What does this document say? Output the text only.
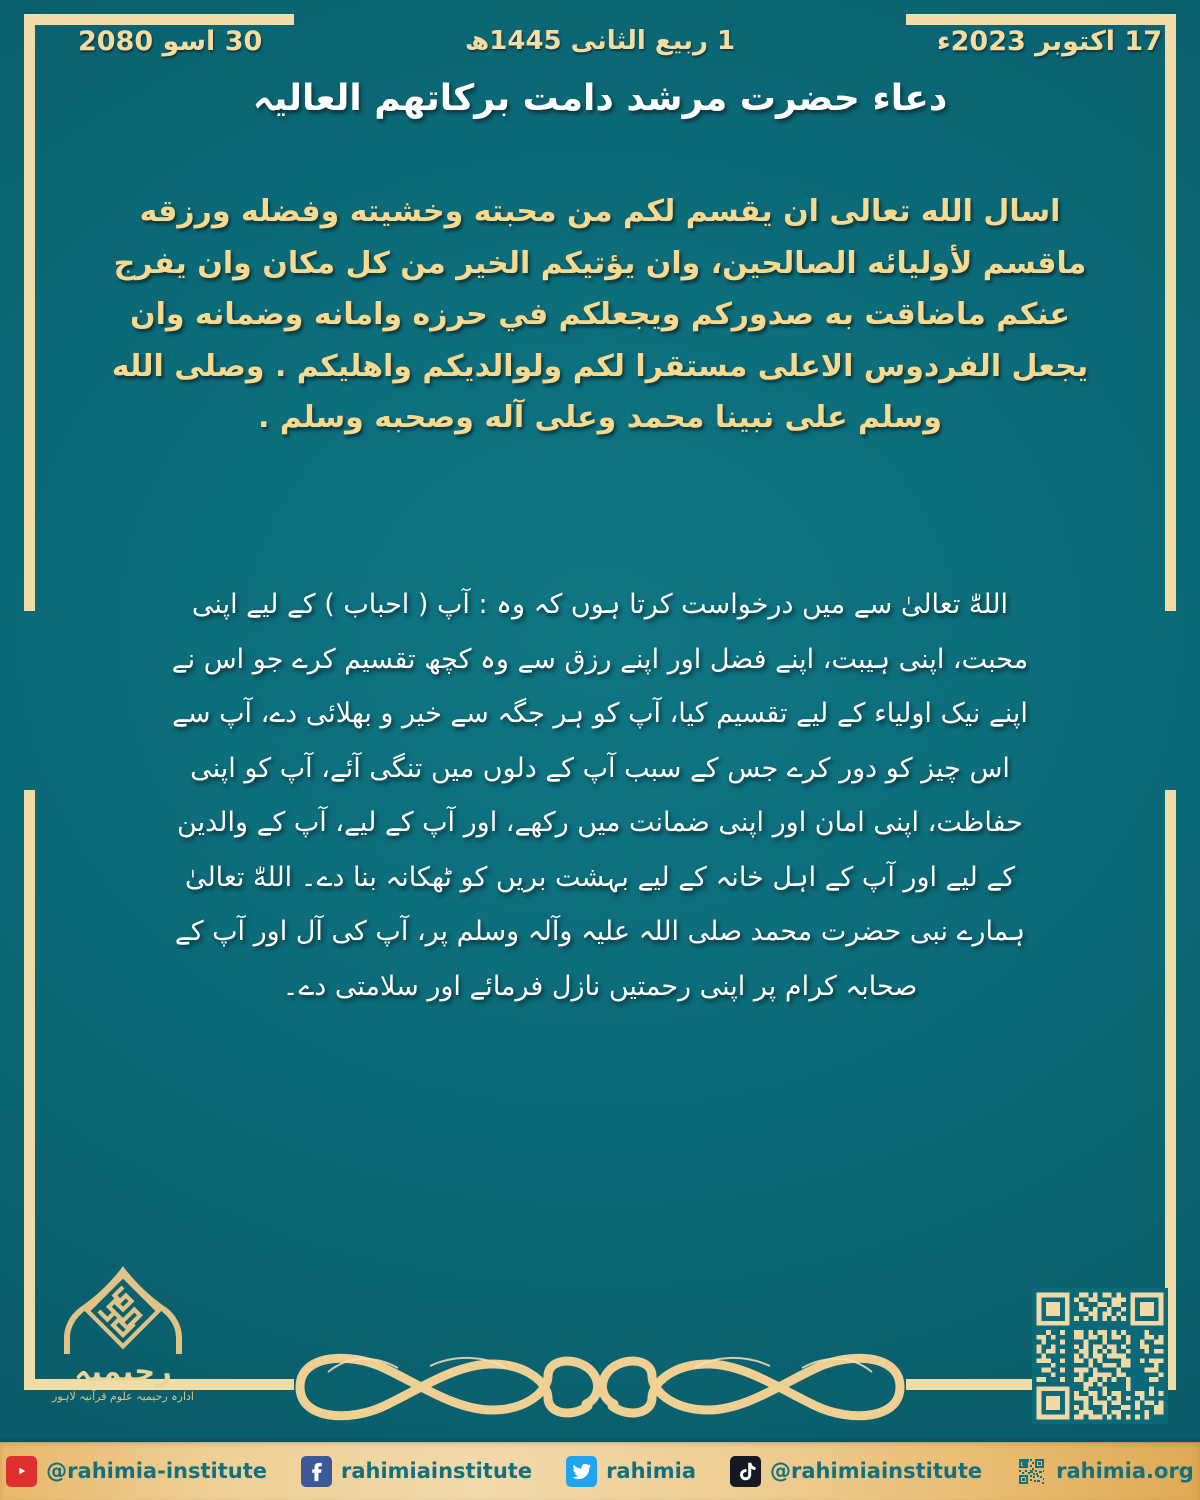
30 اسو 2080	1 ربیع الثانی 1445ھ	17 اکتوبر 2023ء
دعاء حضرت مرشد دامت برکاتھم العالیہ
اسال الله تعالى ان يقسم لكم من محبته وخشيته وفضله ورزقه ماقسم لأوليائه الصالحين، وان يؤتيكم الخير من كل مكان وان يفرج عنكم ماضاقت به صدوركم ويجعلكم في حرزه وامانه وضمانه وان يجعل الفردوس الاعلى مستقرا لكم ولوالديكم واهليكم . وصلى الله وسلم على نبينا محمد وعلى آله وصحبه وسلم .
اللهّٰ تعالیٰ سے میں درخواست کرتا ہوں کہ وہ : آپ ( احباب ) کے لیے اپنی محبت، اپنی ہیبت، اپنے فضل اور اپنے رزق سے وہ کچھ تقسیم کرے جو اس نے اپنے نیک اولیاء کے لیے تقسیم کیا، آپ کو ہر جگہ سے خیر و بھلائی دے، آپ سے اس چیز کو دور کرے جس کے سبب آپ کے دلوں میں تنگی آئے، آپ کو اپنی حفاظت، اپنی امان اور اپنی ضمانت میں رکھے، اور آپ کے لیے، آپ کے والدین کے لیے اور آپ کے اہل خانہ کے لیے بہشت بریں کو ٹھکانہ بنا دے۔ اللهّٰ تعالیٰ ہمارے نبی حضرت محمد صلی اللہ علیہ وآلہ وسلم پر، آپ کی آل اور آپ کے صحابہ کرام پر اپنی رحمتیں نازل فرمائے اور سلامتی دے۔
رحیمیہ
ادارہ رحیمیہ علوم قرآنیہ لاہور
@rahimia-institute	rahimiainstitute	rahimia	@rahimiainstitute	rahimia.org
